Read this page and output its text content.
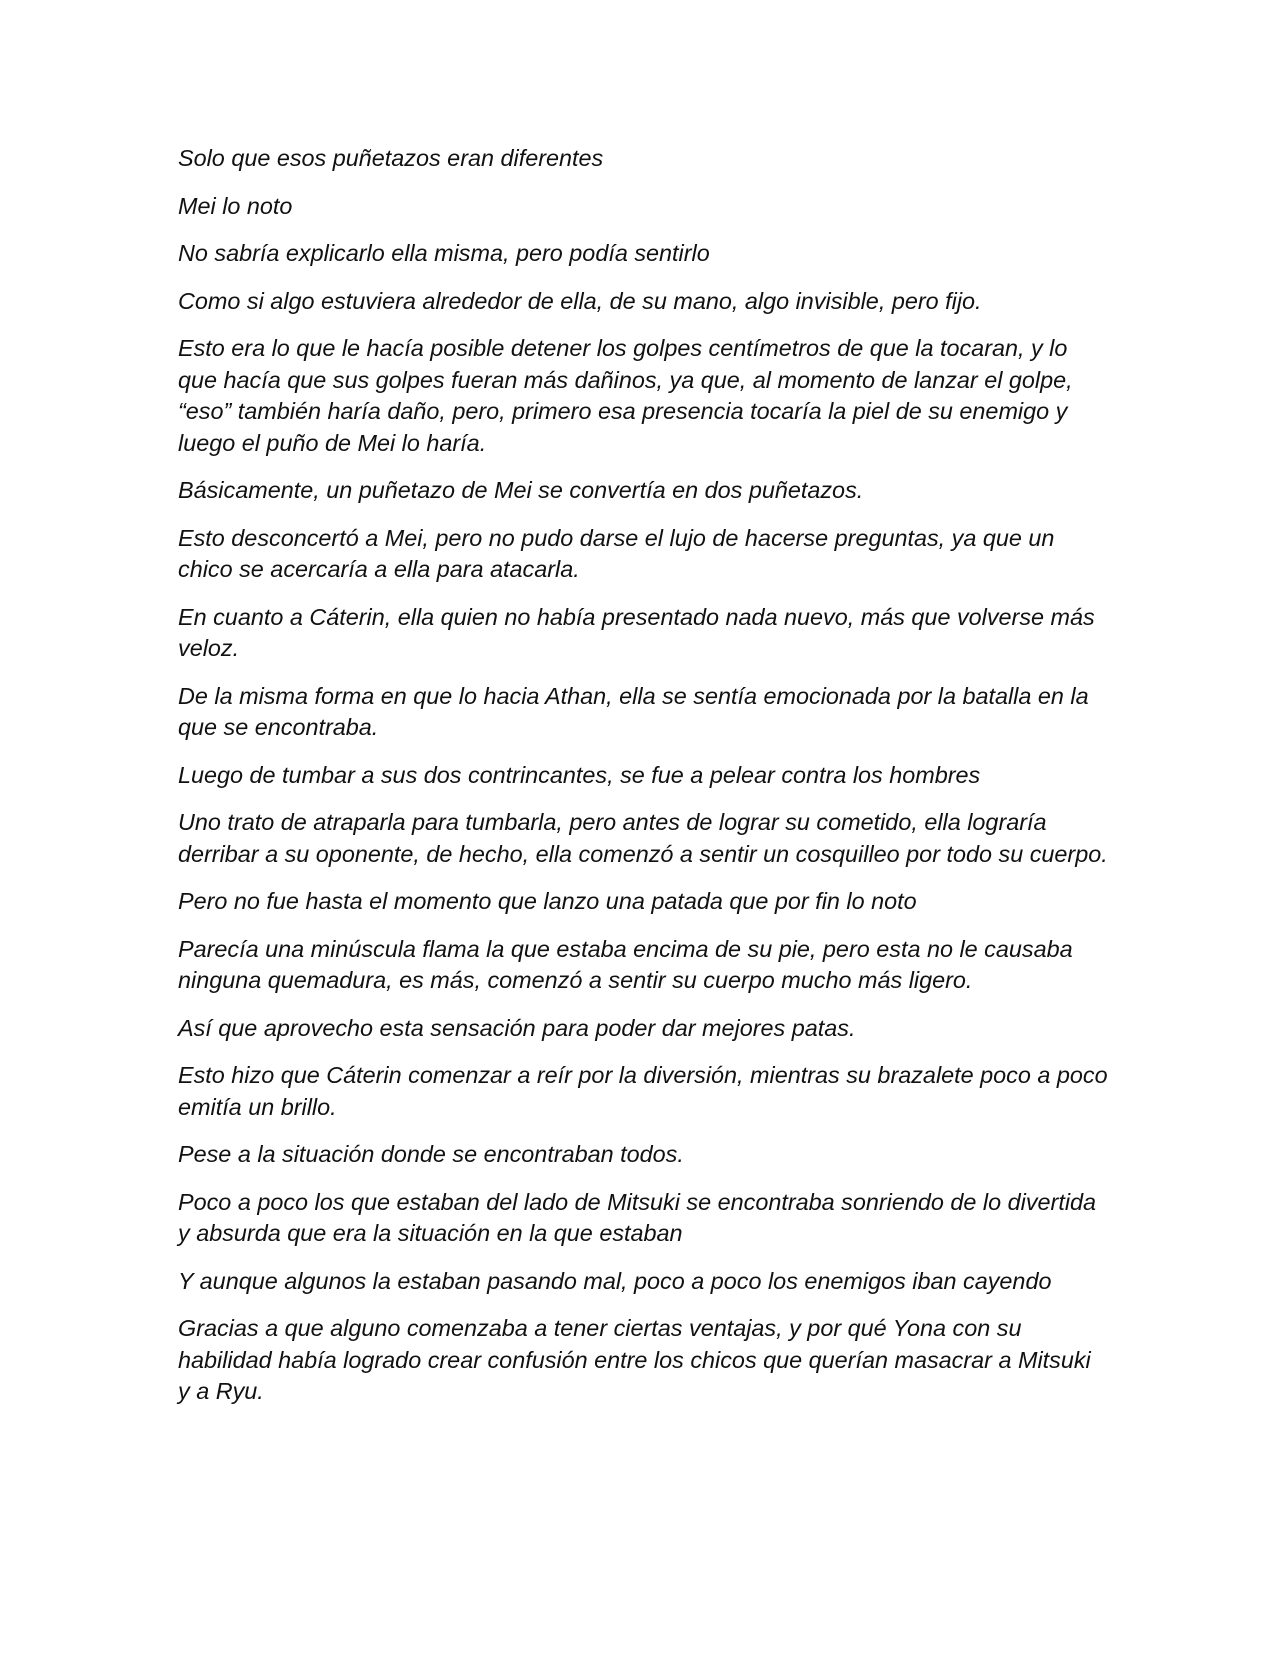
Solo que esos puñetazos eran diferentes

Mei lo noto

No sabría explicarlo ella misma, pero podía sentirlo

Como si algo estuviera alrededor de ella, de su mano, algo invisible, pero fijo.

Esto era lo que le hacía posible detener los golpes centímetros de que la tocaran, y lo que hacía que sus golpes fueran más dañinos, ya que, al momento de lanzar el golpe, “eso” también haría daño, pero, primero esa presencia tocaría la piel de su enemigo y luego el puño de Mei lo haría.

Básicamente, un puñetazo de Mei se convertía en dos puñetazos.

Esto desconcertó a Mei, pero no pudo darse el lujo de hacerse preguntas, ya que un chico se acercaría a ella para atacarla.

En cuanto a Cáterin, ella quien no había presentado nada nuevo, más que volverse más veloz.

De la misma forma en que lo hacia Athan, ella se sentía emocionada por la batalla en la que se encontraba.

Luego de tumbar a sus dos contrincantes, se fue a pelear contra los hombres

Uno trato de atraparla para tumbarla, pero antes de lograr su cometido, ella lograría derribar a su oponente, de hecho, ella comenzó a sentir un cosquilleo por todo su cuerpo.

Pero no fue hasta el momento que lanzo una patada que por fin lo noto

Parecía una minúscula flama la que estaba encima de su pie, pero esta no le causaba ninguna quemadura, es más, comenzó a sentir su cuerpo mucho más ligero.

Así que aprovecho esta sensación para poder dar mejores patas.

Esto hizo que Cáterin comenzar a reír por la diversión, mientras su brazalete poco a poco emitía un brillo.

Pese a la situación donde se encontraban todos.

Poco a poco los que estaban del lado de Mitsuki se encontraba sonriendo de lo divertida y absurda que era la situación en la que estaban

Y aunque algunos la estaban pasando mal, poco a poco los enemigos iban cayendo

Gracias a que alguno comenzaba a tener ciertas ventajas, y por qué Yona con su habilidad había logrado crear confusión entre los chicos que querían masacrar a Mitsuki y a Ryu.
